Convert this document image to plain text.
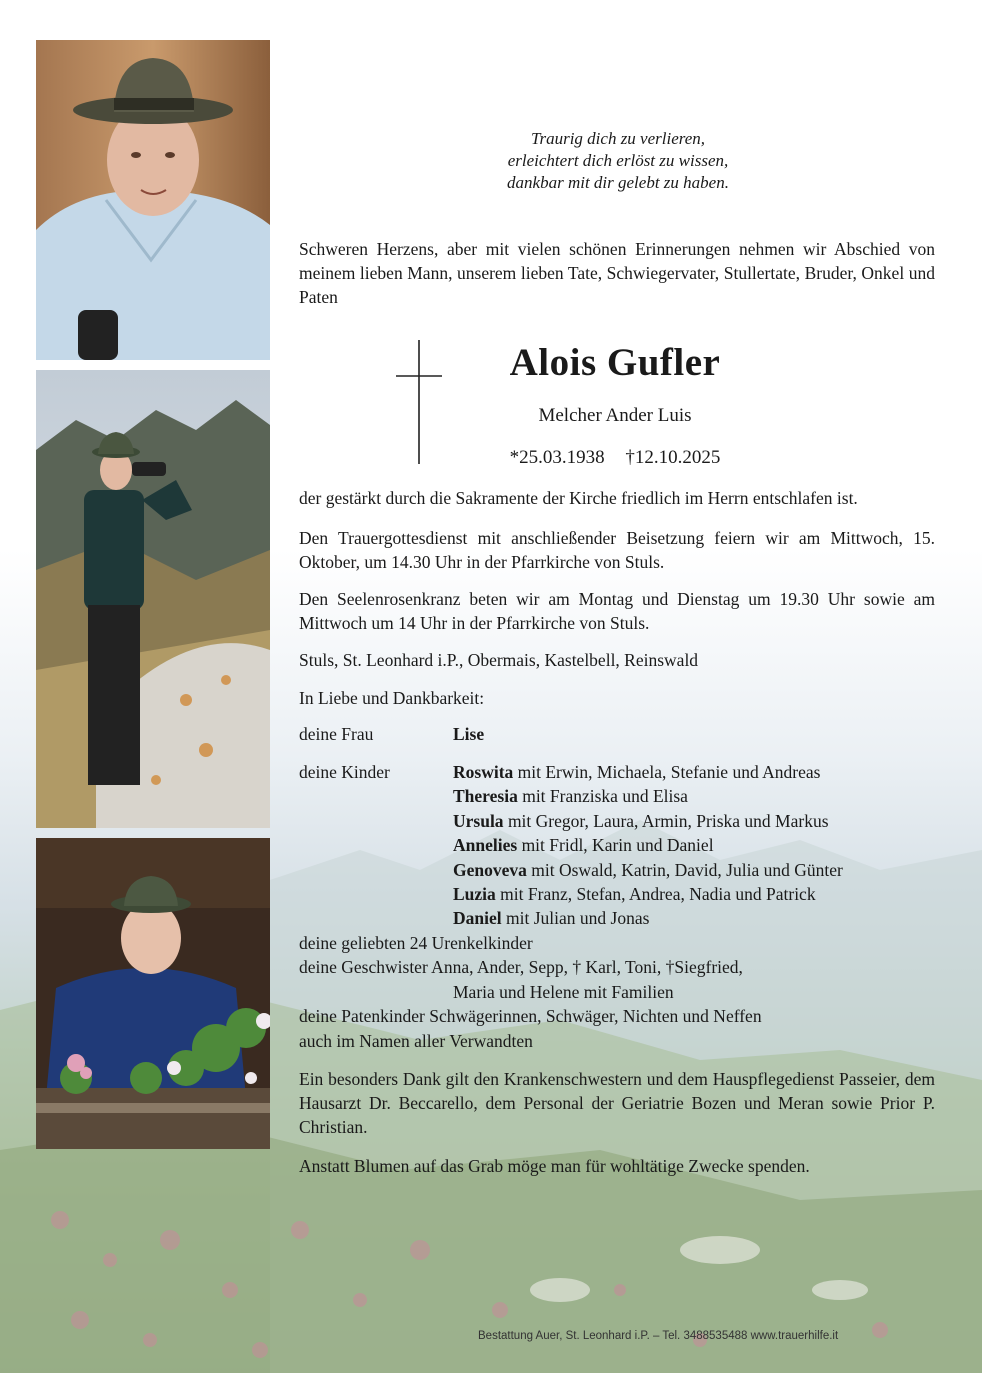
Traurig dich zu verlieren,
erleichtert dich erlöst zu wissen,
dankbar mit dir gelebt zu haben.
Schweren Herzens, aber mit vielen schönen Erinnerungen nehmen wir Abschied von meinem lieben Mann, unserem lieben Tate, Schwiegervater, Stullertate, Bruder, Onkel und Paten
Alois Gufler
Melcher Ander Luis
*25.03.1938 †12.10.2025
der gestärkt durch die Sakramente der Kirche friedlich im Herrn entschlafen ist.
Den Trauergottesdienst mit anschließender Beisetzung feiern wir am Mittwoch, 15. Oktober, um 14.30 Uhr in der Pfarrkirche von Stuls.
Den Seelenrosenkranz beten wir am Montag und Dienstag um 19.30 Uhr sowie am Mittwoch um 14 Uhr in der Pfarrkirche von Stuls.
Stuls, St. Leonhard i.P., Obermais, Kastelbell, Reinswald
In Liebe und Dankbarkeit:
deine Frau	Lise
deine Kinder	Roswita mit Erwin, Michaela, Stefanie und Andreas
Theresia mit Franziska und Elisa
Ursula mit Gregor, Laura, Armin, Priska und Markus
Annelies mit Fridl, Karin und Daniel
Genoveva mit Oswald, Katrin, David, Julia und Günter
Luzia mit Franz, Stefan, Andrea, Nadia und Patrick
Daniel mit Julian und Jonas
deine geliebten 24 Urenkelkinder
deine Geschwister Anna, Ander, Sepp, † Karl, Toni, †Siegfried,
Maria und Helene mit Familien
deine Patenkinder Schwägerinnen, Schwäger, Nichten und Neffen
auch im Namen aller Verwandten
Ein besonders Dank gilt den Krankenschwestern und dem Hauspflegedienst Passeier, dem Hausarzt Dr. Beccarello, dem Personal der Geriatrie Bozen und Meran sowie Prior P. Christian.
Anstatt Blumen auf das Grab möge man für wohltätige Zwecke spenden.
Bestattung Auer, St. Leonhard i.P. – Tel. 3488535488 www.trauerhilfe.it
